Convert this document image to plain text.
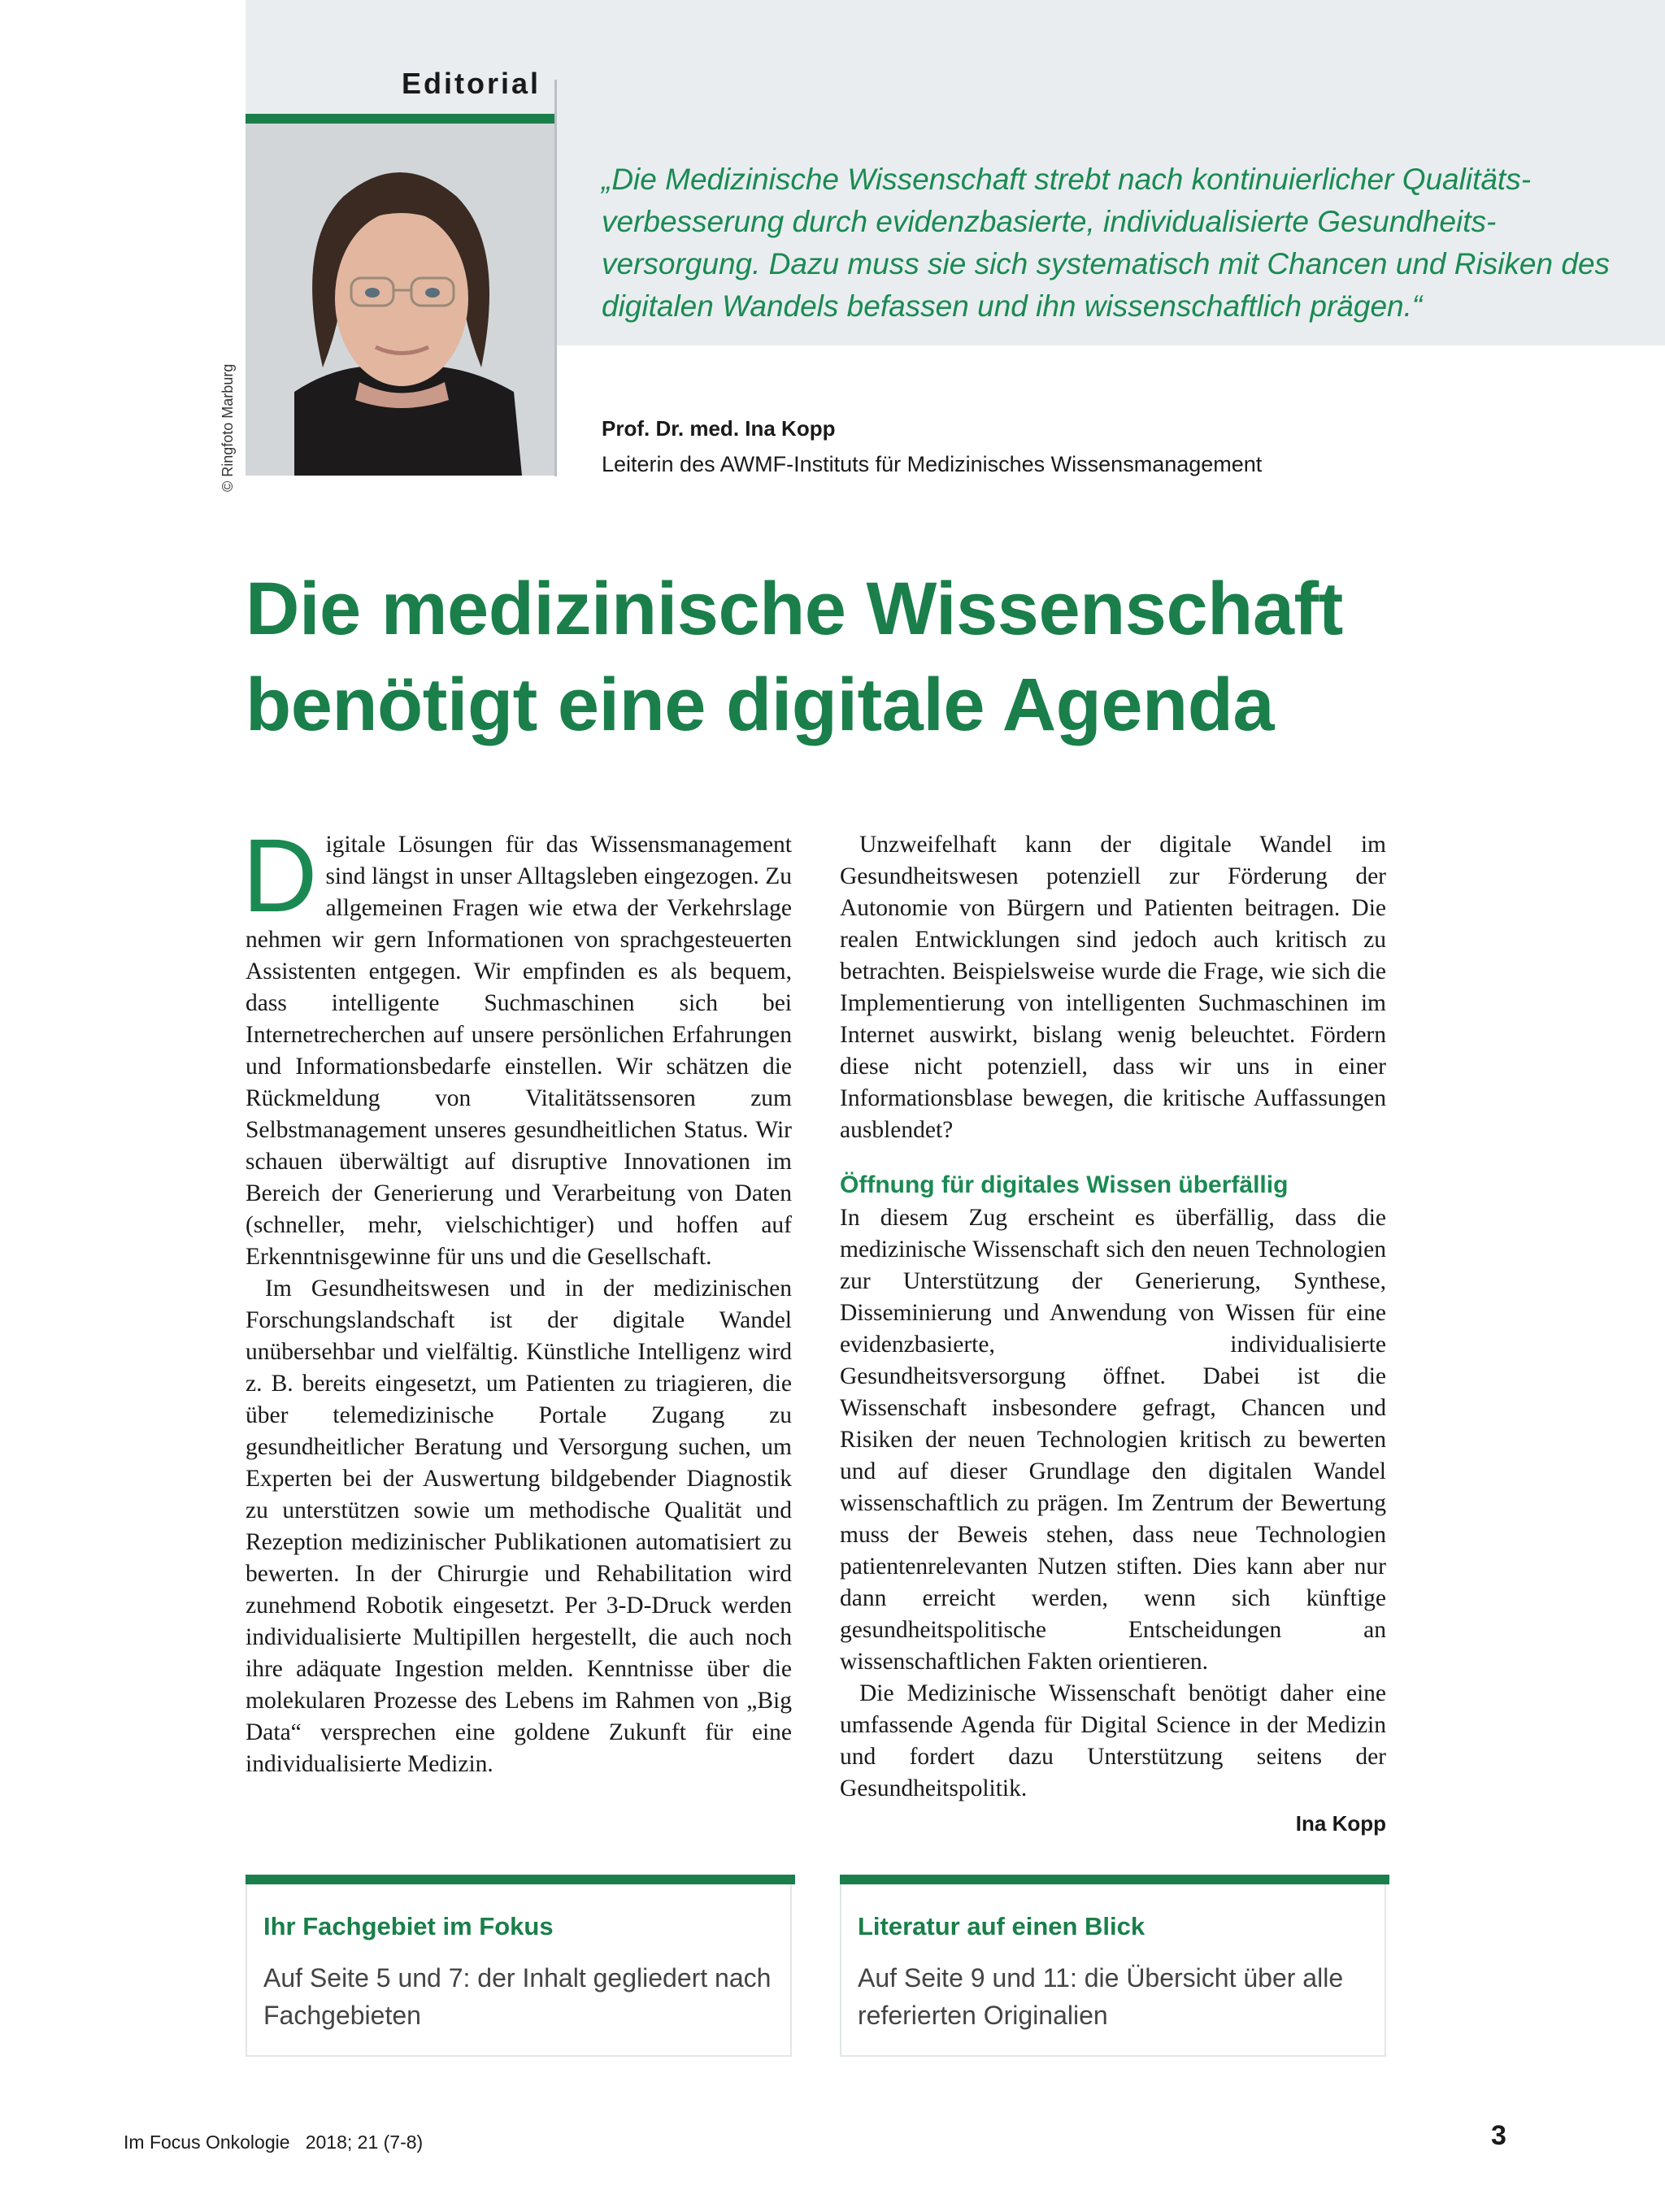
Editorial
© Ringfoto Marburg
„Die Medizinische Wissenschaft strebt nach kontinuierlicher Qualitätsverbesserung durch evidenzbasierte, individualisierte Gesundheitsversorgung. Dazu muss sie sich systematisch mit Chancen und Risiken des digitalen Wandels befassen und ihn wissenschaftlich prägen.“
Prof. Dr. med. Ina Kopp
Leiterin des AWMF-Instituts für Medizinisches Wissensmanagement
Die medizinische Wissenschaft
benötigt eine digitale Agenda

Digitale Lösungen für das Wissensmanagement sind längst in unser Alltagsleben eingezogen. Zu allgemeinen Fragen wie etwa der Verkehrslage nehmen wir gern Informationen von sprachgesteuerten Assistenten entgegen. Wir empfinden es als bequem, dass intelligente Suchmaschinen sich bei Internetrecherchen auf unsere persönlichen Erfahrungen und Informationsbedarfe einstellen. Wir schätzen die Rückmeldung von Vitalitätssensoren zum Selbstmanagement unseres gesundheitlichen Status. Wir schauen überwältigt auf disruptive Innovationen im Bereich der Generierung und Verarbeitung von Daten (schneller, mehr, vielschichtiger) und hoffen auf Erkenntnisgewinne für uns und die Gesellschaft.

Im Gesundheitswesen und in der medizinischen Forschungslandschaft ist der digitale Wandel unübersehbar und vielfältig. Künstliche Intelligenz wird z. B. bereits eingesetzt, um Patienten zu triagieren, die über telemedizinische Portale Zugang zu gesundheitlicher Beratung und Versorgung suchen, um Experten bei der Auswertung bildgebender Diagnostik zu unterstützen sowie um methodische Qualität und Rezeption medizinischer Publikationen automatisiert zu bewerten. In der Chirurgie und Rehabilitation wird zunehmend Robotik eingesetzt. Per 3-D-Druck werden individualisierte Multipillen hergestellt, die auch noch ihre adäquate Ingestion melden. Kenntnisse über die molekularen Prozesse des Lebens im Rahmen von „Big Data“ versprechen eine goldene Zukunft für eine individualisierte Medizin.

Unzweifelhaft kann der digitale Wandel im Gesundheitswesen potenziell zur Förderung der Autonomie von Bürgern und Patienten beitragen. Die realen Entwicklungen sind jedoch auch kritisch zu betrachten. Beispielsweise wurde die Frage, wie sich die Implementierung von intelligenten Suchmaschinen im Internet auswirkt, bislang wenig beleuchtet. Fördern diese nicht potenziell, dass wir uns in einer Informationsblase bewegen, die kritische Auffassungen ausblendet?

Öffnung für digitales Wissen überfällig

In diesem Zug erscheint es überfällig, dass die medizinische Wissenschaft sich den neuen Technologien zur Unterstützung der Generierung, Synthese, Disseminierung und Anwendung von Wissen für eine evidenzbasierte, individualisierte Gesundheitsversorgung öffnet. Dabei ist die Wissenschaft insbesondere gefragt, Chancen und Risiken der neuen Technologien kritisch zu bewerten und auf dieser Grundlage den digitalen Wandel wissenschaftlich zu prägen. Im Zentrum der Bewertung muss der Beweis stehen, dass neue Technologien patientenrelevanten Nutzen stiften. Dies kann aber nur dann erreicht werden, wenn sich künftige gesundheitspolitische Entscheidungen an wissenschaftlichen Fakten orientieren.

Die Medizinische Wissenschaft benötigt daher eine umfassende Agenda für Digital Science in der Medizin und fordert dazu Unterstützung seitens der Gesundheitspolitik.

Ina Kopp
Ihr Fachgebiet im Fokus
Auf Seite 5 und 7: der Inhalt gegliedert nach Fachgebieten
Literatur auf einen Blick
Auf Seite 9 und 11: die Übersicht über alle referierten Originalien
Im Focus Onkologie   2018; 21 (7-8)	3
